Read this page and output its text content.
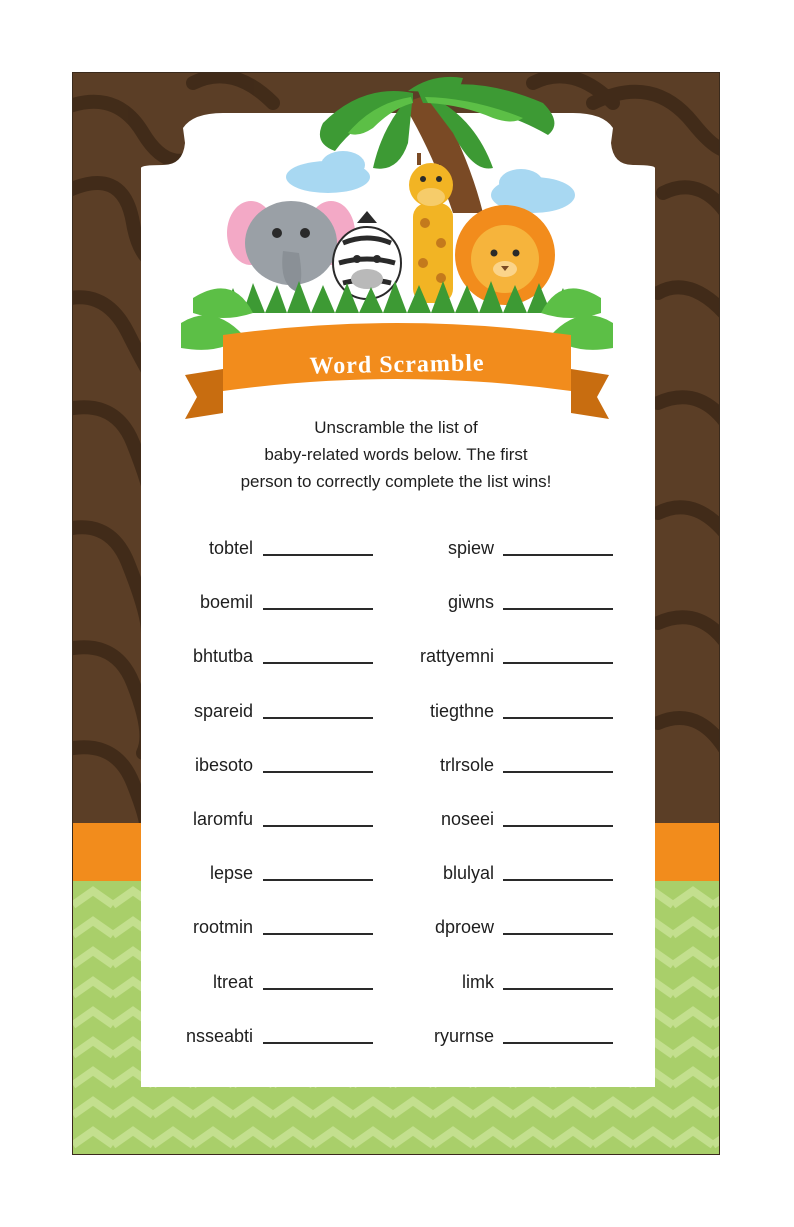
Word Scramble
Unscramble the list of
baby-related words below. The first
person to correctly complete the list wins!
tobtel
boemil
bhtutba
spareid
ibesoto
laromfu
lepse
rootmin
ltreat
nsseabti
spiew
giwns
rattyemni
tiegthne
trlrsole
noseei
blulyal
dproew
limk
ryurnse
